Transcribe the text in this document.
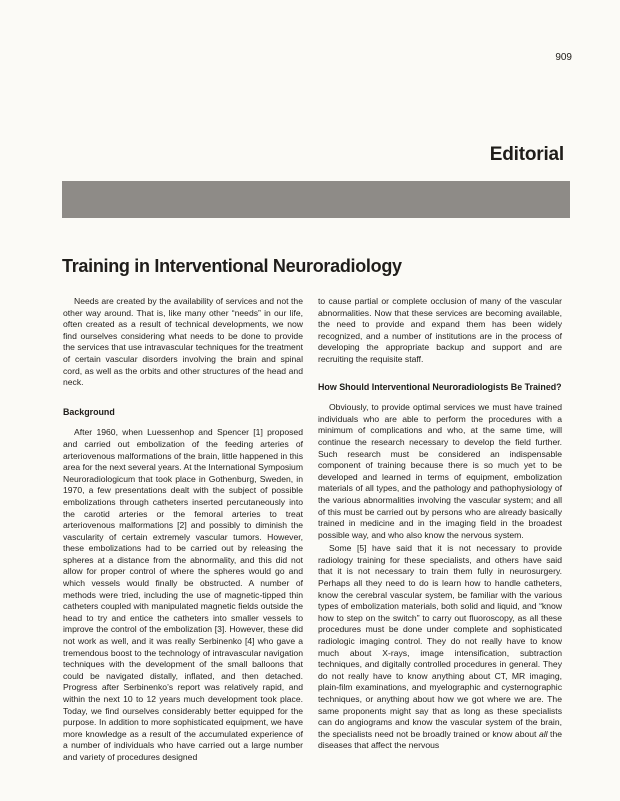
909
Editorial
Training in Interventional Neuroradiology

Needs are created by the availability of services and not the other way around. That is, like many other “needs” in our life, often created as a result of technical developments, we now find ourselves considering what needs to be done to provide the services that use intravascular techniques for the treatment of certain vascular disorders involving the brain and spinal cord, as well as the orbits and other structures of the head and neck.

Background

After 1960, when Luessenhop and Spencer [1] proposed and carried out embolization of the feeding arteries of arteriovenous malformations of the brain, little happened in this area for the next several years. At the International Symposium Neuroradiologicum that took place in Gothenburg, Sweden, in 1970, a few presentations dealt with the subject of possible embolizations through catheters inserted percutaneously into the carotid arteries or the femoral arteries to treat arteriovenous malformations [2] and possibly to diminish the vascularity of certain extremely vascular tumors. However, these embolizations had to be carried out by releasing the spheres at a distance from the abnormality, and this did not allow for proper control of where the spheres would go and which vessels would finally be obstructed. A number of methods were tried, including the use of magnetic-tipped thin catheters coupled with manipulated magnetic fields outside the head to try and entice the catheters into smaller vessels to improve the control of the embolization [3]. However, these did not work as well, and it was really Serbinenko [4] who gave a tremendous boost to the technology of intravascular navigation techniques with the development of the small balloons that could be navigated distally, inflated, and then detached. Progress after Serbinenko’s report was relatively rapid, and within the next 10 to 12 years much development took place. Today, we find ourselves considerably better equipped for the purpose. In addition to more sophisticated equipment, we have more knowledge as a result of the accumulated experience of a number of individuals who have carried out a large number and variety of procedures designed

to cause partial or complete occlusion of many of the vascular abnormalities. Now that these services are becoming available, the need to provide and expand them has been widely recognized, and a number of institutions are in the process of developing the appropriate backup and support and are recruiting the requisite staff.

How Should Interventional Neuroradiologists Be Trained?

Obviously, to provide optimal services we must have trained individuals who are able to perform the procedures with a minimum of complications and who, at the same time, will continue the research necessary to develop the field further. Such research must be considered an indispensable component of training because there is so much yet to be developed and learned in terms of equipment, embolization materials of all types, and the pathology and pathophysiology of the various abnormalities involving the vascular system; and all of this must be carried out by persons who are already basically trained in medicine and in the imaging field in the broadest possible way, and who also know the nervous system.

Some [5] have said that it is not necessary to provide radiology training for these specialists, and others have said that it is not necessary to train them fully in neurosurgery. Perhaps all they need to do is learn how to handle catheters, know the cerebral vascular system, be familiar with the various types of embolization materials, both solid and liquid, and “know how to step on the switch” to carry out fluoroscopy, as all these procedures must be done under complete and sophisticated radiologic imaging control. They do not really have to know much about X-rays, image intensification, subtraction techniques, and digitally controlled procedures in general. They do not really have to know anything about CT, MR imaging, plain-film examinations, and myelographic and cysternographic techniques, or anything about how we got where we are. The same proponents might say that as long as these specialists can do angiograms and know the vascular system of the brain, the specialists need not be broadly trained or know about all the diseases that affect the nervous
